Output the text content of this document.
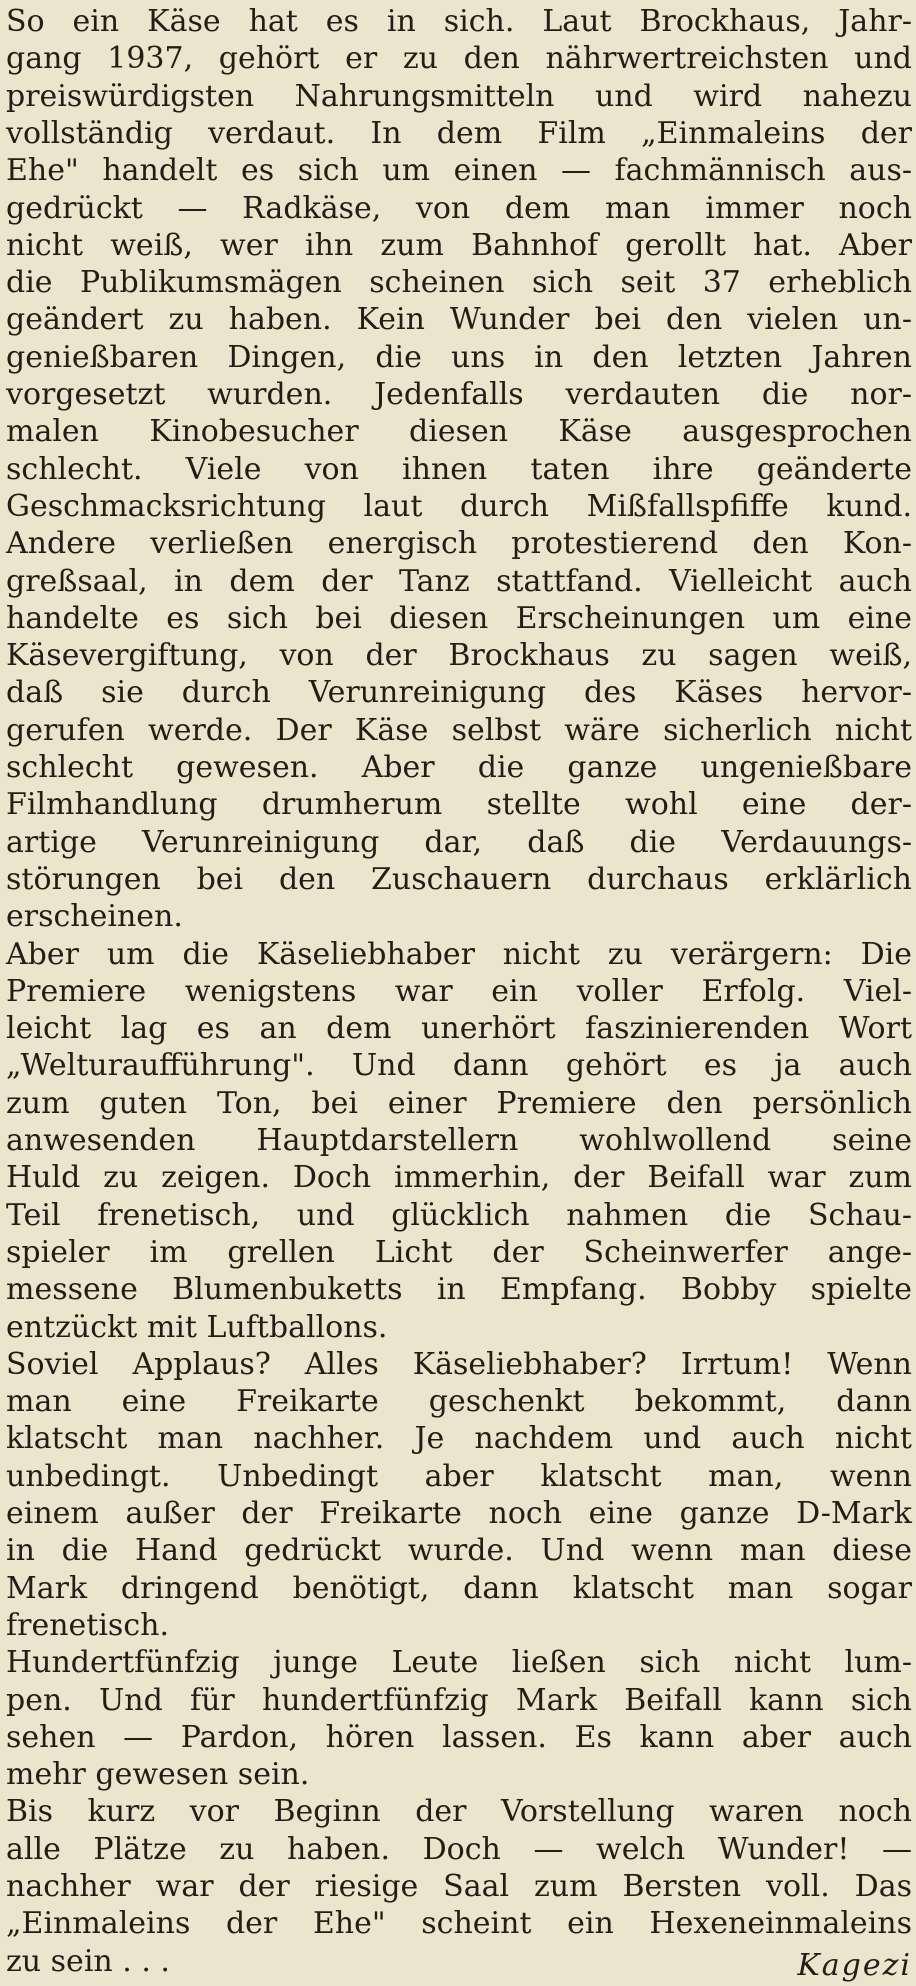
So ein Käse hat es in sich. Laut Brockhaus, Jahr-
gang 1937, gehört er zu den nährwertreichsten und
preiswürdigsten Nahrungsmitteln und wird nahezu
vollständig verdaut. In dem Film „Einmaleins der
Ehe" handelt es sich um einen — fachmännisch aus-
gedrückt — Radkäse, von dem man immer noch
nicht weiß, wer ihn zum Bahnhof gerollt hat. Aber
die Publikumsmägen scheinen sich seit 37 erheblich
geändert zu haben. Kein Wunder bei den vielen un-
genießbaren Dingen, die uns in den letzten Jahren
vorgesetzt wurden. Jedenfalls verdauten die nor-
malen Kinobesucher diesen Käse ausgesprochen
schlecht. Viele von ihnen taten ihre geänderte
Geschmacksrichtung laut durch Mißfallspfiffe kund.
Andere verließen energisch protestierend den Kon-
greßsaal, in dem der Tanz stattfand. Vielleicht auch
handelte es sich bei diesen Erscheinungen um eine
Käsevergiftung, von der Brockhaus zu sagen weiß,
daß sie durch Verunreinigung des Käses hervor-
gerufen werde. Der Käse selbst wäre sicherlich nicht
schlecht gewesen. Aber die ganze ungenießbare
Filmhandlung drumherum stellte wohl eine der-
artige Verunreinigung dar, daß die Verdauungs-
störungen bei den Zuschauern durchaus erklärlich
erscheinen.
Aber um die Käseliebhaber nicht zu verärgern: Die
Premiere wenigstens war ein voller Erfolg. Viel-
leicht lag es an dem unerhört faszinierenden Wort
„Welturaufführung". Und dann gehört es ja auch
zum guten Ton, bei einer Premiere den persönlich
anwesenden Hauptdarstellern wohlwollend seine
Huld zu zeigen. Doch immerhin, der Beifall war zum
Teil frenetisch, und glücklich nahmen die Schau-
spieler im grellen Licht der Scheinwerfer ange-
messene Blumenbuketts in Empfang. Bobby spielte
entzückt mit Luftballons.
Soviel Applaus? Alles Käseliebhaber? Irrtum! Wenn
man eine Freikarte geschenkt bekommt, dann
klatscht man nachher. Je nachdem und auch nicht
unbedingt. Unbedingt aber klatscht man, wenn
einem außer der Freikarte noch eine ganze D-Mark
in die Hand gedrückt wurde. Und wenn man diese
Mark dringend benötigt, dann klatscht man sogar
frenetisch.
Hundertfünfzig junge Leute ließen sich nicht lum-
pen. Und für hundertfünfzig Mark Beifall kann sich
sehen — Pardon, hören lassen. Es kann aber auch
mehr gewesen sein.
Bis kurz vor Beginn der Vorstellung waren noch
alle Plätze zu haben. Doch — welch Wunder! —
nachher war der riesige Saal zum Bersten voll. Das
„Einmaleins der Ehe" scheint ein Hexeneinmaleins
zu sein . . .	Kagezi
